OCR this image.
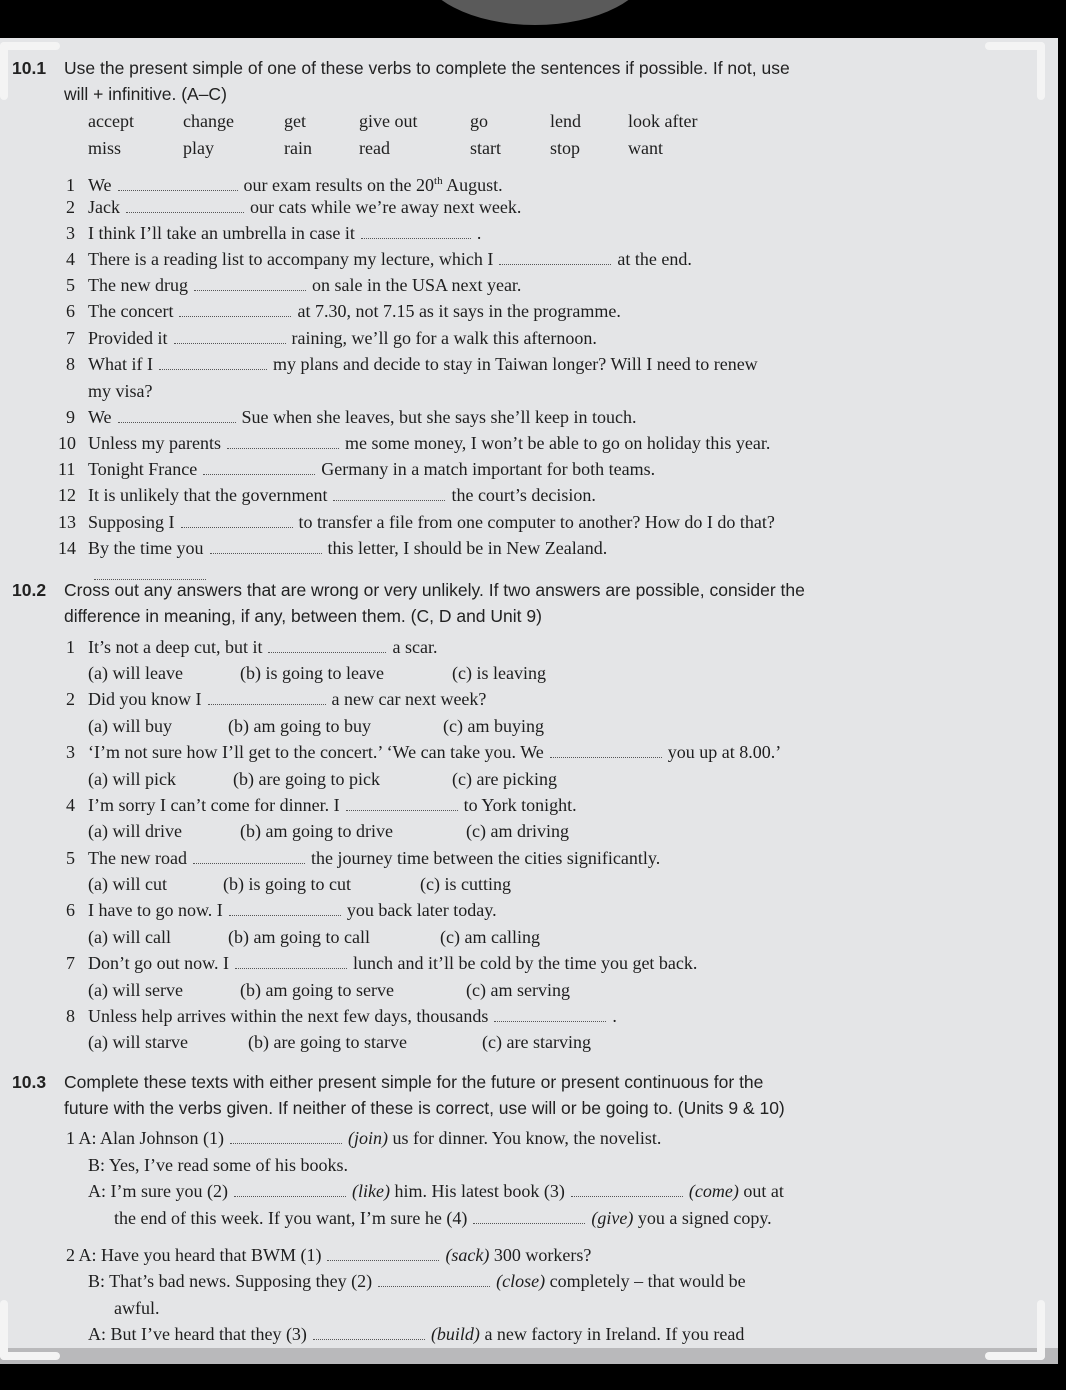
10.1 Use the present simple of one of these verbs to complete the sentences if possible. If not, use
will + infinitive. (A–C)
accept	change	get	give out	go	lend	look after
miss	play	rain	read	start	stop	want
1 We	our exam results on the 20th August.
2 Jack	our cats while we’re away next week.
3 I think I’ll take an umbrella in case it	.
4 There is a reading list to accompany my lecture, which I	at the end.
5 The new drug	on sale in the USA next year.
6 The concert	at 7.30, not 7.15 as it says in the programme.
7 Provided it	raining, we’ll go for a walk this afternoon.
8 What if I	my plans and decide to stay in Taiwan longer? Will I need to renew
my visa?
9 We	Sue when she leaves, but she says she’ll keep in touch.
10 Unless my parents	me some money, I won’t be able to go on holiday this year.
11 Tonight France	Germany in a match important for both teams.
12 It is unlikely that the government	the court’s decision.
13 Supposing I	to transfer a file from one computer to another? How do I do that?
14 By the time you	this letter, I should be in New Zealand.
10.2 Cross out any answers that are wrong or very unlikely. If two answers are possible, consider the
difference in meaning, if any, between them. (C, D and Unit 9)
1 It’s not a deep cut, but it	a scar.
(a) will leave	(b) is going to leave	(c) is leaving
2 Did you know I	a new car next week?
(a) will buy	(b) am going to buy	(c) am buying
3 ‘I’m not sure how I’ll get to the concert.’ ‘We can take you. We	you up at 8.00.’
(a) will pick	(b) are going to pick	(c) are picking
4 I’m sorry I can’t come for dinner. I	to York tonight.
(a) will drive	(b) am going to drive	(c) am driving
5 The new road	the journey time between the cities significantly.
(a) will cut	(b) is going to cut	(c) is cutting
6 I have to go now. I	you back later today.
(a) will call	(b) am going to call	(c) am calling
7 Don’t go out now. I	lunch and it’ll be cold by the time you get back.
(a) will serve	(b) am going to serve	(c) am serving
8 Unless help arrives within the next few days, thousands	.
(a) will starve	(b) are going to starve	(c) are starving
10.3 Complete these texts with either present simple for the future or present continuous for the
future with the verbs given. If neither of these is correct, use will or be going to. (Units 9 & 10)
1 A: Alan Johnson (1)	(join) us for dinner. You know, the novelist.
B: Yes, I’ve read some of his books.
A: I’m sure you (2)	(like) him. His latest book (3)	(come) out at
the end of this week. If you want, I’m sure he (4)	(give) you a signed copy.
2 A: Have you heard that BWM (1)	(sack) 300 workers?
B: That’s bad news. Supposing they (2)	(close) completely – that would be
awful.
A: But I’ve heard that they (3)	(build) a new factory in Ireland. If you read
